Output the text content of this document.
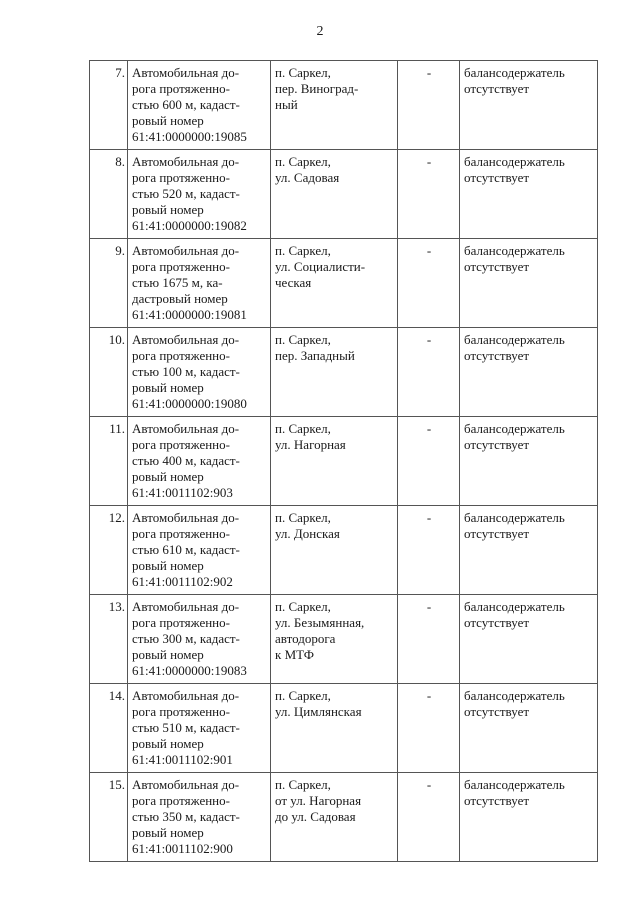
2
7.	Автомобильная до-
рога протяженно-
стью 600 м, кадаст-
ровый номер
61:41:0000000:19085	п. Саркел,
пер. Виноград-
ный	-	балансодержатель
отсутствует
8.	Автомобильная до-
рога протяженно-
стью 520 м, кадаст-
ровый номер
61:41:0000000:19082	п. Саркел,
ул. Садовая	-	балансодержатель
отсутствует
9.	Автомобильная до-
рога протяженно-
стью 1675 м, ка-
дастровый номер
61:41:0000000:19081	п. Саркел,
ул. Социалисти-
ческая	-	балансодержатель
отсутствует
10.	Автомобильная до-
рога протяженно-
стью 100 м, кадаст-
ровый номер
61:41:0000000:19080	п. Саркел,
пер. Западный	-	балансодержатель
отсутствует
11.	Автомобильная до-
рога протяженно-
стью 400 м, кадаст-
ровый номер
61:41:0011102:903	п. Саркел,
ул. Нагорная	-	балансодержатель
отсутствует
12.	Автомобильная до-
рога протяженно-
стью 610 м, кадаст-
ровый номер
61:41:0011102:902	п. Саркел,
ул. Донская	-	балансодержатель
отсутствует
13.	Автомобильная до-
рога протяженно-
стью 300 м, кадаст-
ровый номер
61:41:0000000:19083	п. Саркел,
ул. Безымянная,
автодорога
к МТФ	-	балансодержатель
отсутствует
14.	Автомобильная до-
рога протяженно-
стью 510 м, кадаст-
ровый номер
61:41:0011102:901	п. Саркел,
ул. Цимлянская	-	балансодержатель
отсутствует
15.	Автомобильная до-
рога протяженно-
стью 350 м, кадаст-
ровый номер
61:41:0011102:900	п. Саркел,
от ул. Нагорная
до ул. Садовая	-	балансодержатель
отсутствует
